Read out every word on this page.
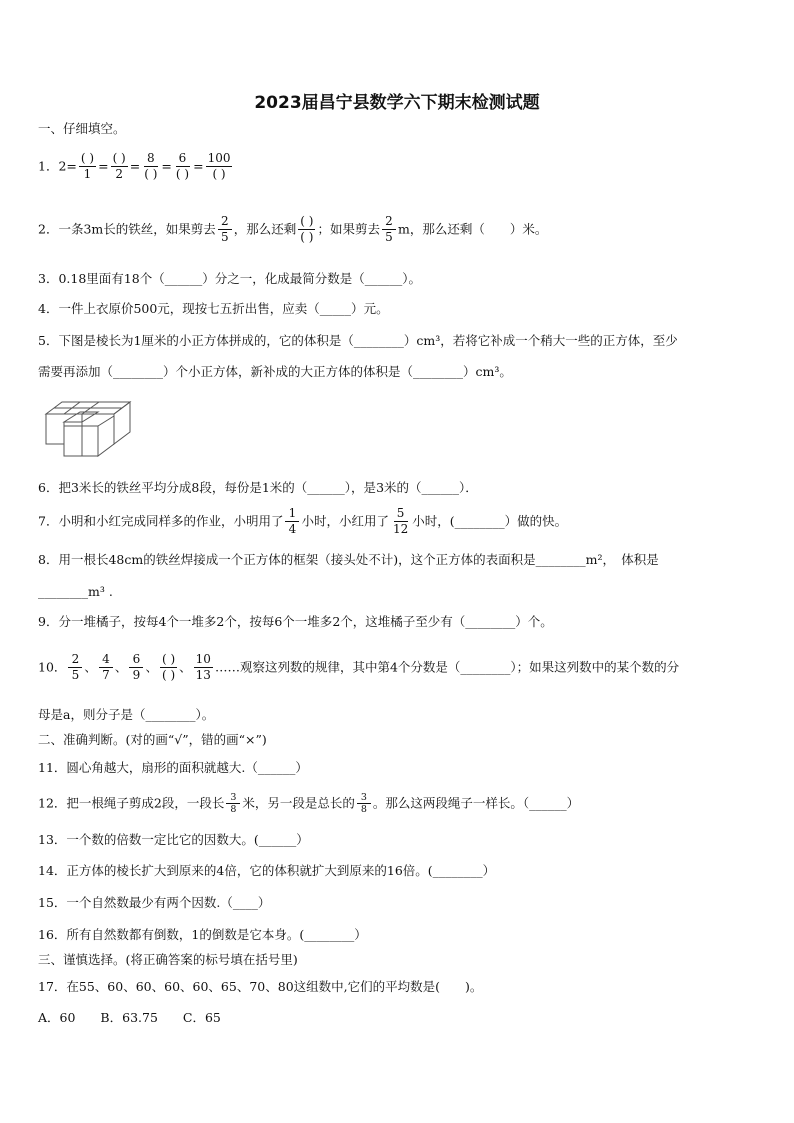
2023届昌宁县数学六下期末检测试题
一、仔细填空。
1．$2= \frac{( )}{1} = \frac{( )}{2} = \frac{8}{( )} = \frac{6}{( )} = \frac{100}{( )}$
2．一条3m长的铁丝，如果剪去 $\frac{2}{5}$ ，那么还剩 $\frac{( )}{( )}$ ；如果剪去 $\frac{2}{5}$ m，那么还剩（　　）米。
3．0.18里面有18个（______）分之一，化成最简分数是（______）。
4．一件上衣原价500元，现按七五折出售，应卖（_____）元。
5．下图是棱长为1厘米的小正方体拼成的，它的体积是（________）cm³，若将它补成一个稍大一些的正方体，至少
需要再添加（________）个小正方体，新补成的大正方体的体积是（________）cm³。
6．把3米长的铁丝平均分成8段，每份是1米的（______），是3米的（______）．
7．小明和小红完成同样多的作业，小明用了 $\frac{1}{4}$ 小时，小红用了 $\frac{5}{12}$ 小时，(________）做的快。
8．用一根长48cm的铁丝焊接成一个正方体的框架（接头处不计)，这个正方体的表面积是________m²，　体积是
________m³ .
9．分一堆橘子，按每4个一堆多2个，按每6个一堆多2个，这堆橘子至少有（________）个。
10． $\frac{2}{5}$ 、 $\frac{4}{7}$ 、 $\frac{6}{9}$ 、 $\frac{( )}{( )}$ 、 $\frac{10}{13}$ ……观察这列数的规律，其中第4个分数是（________）；如果这列数中的某个数的分
母是a，则分子是（________）。
二、准确判断。(对的画“√”，错的画“×”)
11．圆心角越大，扇形的面积就越大.（______）
12．把一根绳子剪成2段，一段长 $\frac{3}{8}$ 米，另一段是总长的 $\frac{3}{8}$ 。那么这两段绳子一样长。（______）
13．一个数的倍数一定比它的因数大。(______）
14．正方体的棱长扩大到原来的4倍，它的体积就扩大到原来的16倍。(________）
15．一个自然数最少有两个因数.（____）
16．所有自然数都有倒数，1的倒数是它本身。(________）
三、谨慎选择。(将正确答案的标号填在括号里)
17．在55、60、60、60、60、65、70、80这组数中,它们的平均数是(　　)。
A．60　　B．63.75　　C．65
